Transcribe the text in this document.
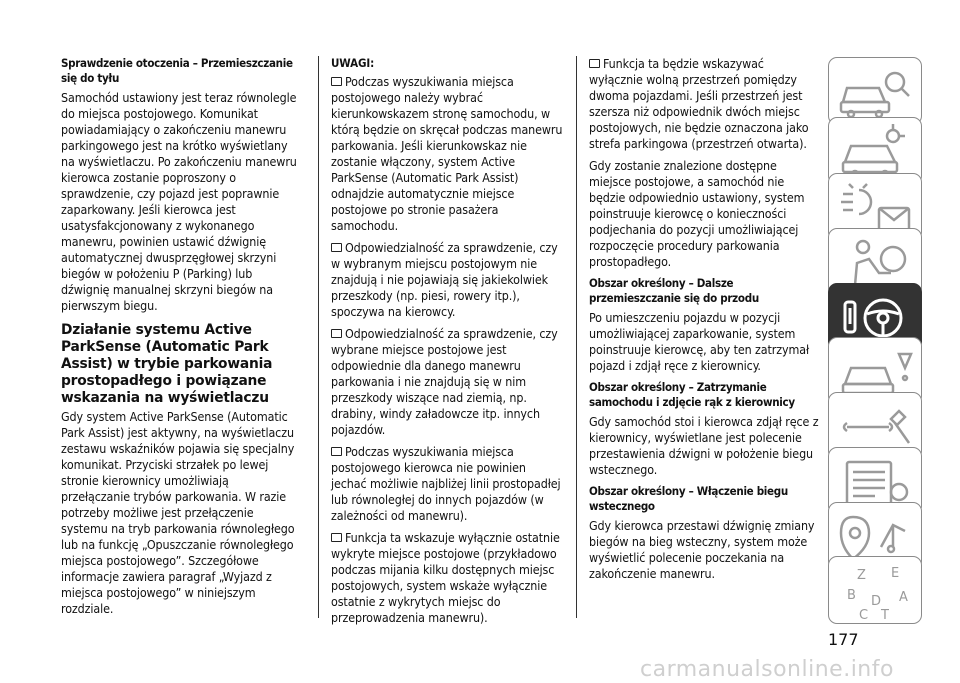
Sprawdzenie otoczenia – Przemieszczanie się do tyłu

Samochód ustawiony jest teraz równolegle do miejsca postojowego. Komunikat powiadamiający o zakończeniu manewru parkingowego jest na krótko wyświetlany na wyświetlaczu. Po zakończeniu manewru kierowca zostanie poproszony o sprawdzenie, czy pojazd jest poprawnie zaparkowany. Jeśli kierowca jest usatysfakcjonowany z wykonanego manewru, powinien ustawić dźwignię automatycznej dwusprzęgłowej skrzyni biegów w położeniu P (Parking) lub dźwignię manualnej skrzyni biegów na pierwszym biegu.

Działanie systemu Active ParkSense (Automatic Park Assist) w trybie parkowania prostopadłego i powiązane wskazania na wyświetlaczu

Gdy system Active ParkSense (Automatic Park Assist) jest aktywny, na wyświetlaczu zestawu wskaźników pojawia się specjalny komunikat. Przyciski strzałek po lewej stronie kierownicy umożliwiają przełączanie trybów parkowania. W razie potrzeby możliwe jest przełączenie systemu na tryb parkowania równoległego lub na funkcję „Opuszczanie równoległego miejsca postojowego”. Szczegółowe informacje zawiera paragraf „Wyjazd z miejsca postojowego” w niniejszym rozdziale.

UWAGI:

Podczas wyszukiwania miejsca postojowego należy wybrać kierunkowskazem stronę samochodu, w którą będzie on skręcał podczas manewru parkowania. Jeśli kierunkowskaz nie zostanie włączony, system Active ParkSense (Automatic Park Assist) odnajdzie automatycznie miejsce postojowe po stronie pasażera samochodu.

Odpowiedzialność za sprawdzenie, czy w wybranym miejscu postojowym nie znajdują i nie pojawiają się jakiekolwiek przeszkody (np. piesi, rowery itp.), spoczywa na kierowcy.

Odpowiedzialność za sprawdzenie, czy wybrane miejsce postojowe jest odpowiednie dla danego manewru parkowania i nie znajdują się w nim przeszkody wiszące nad ziemią, np. drabiny, windy załadowcze itp. innych pojazdów.

Podczas wyszukiwania miejsca postojowego kierowca nie powinien jechać możliwie najbliżej linii prostopadłej lub równoległej do innych pojazdów (w zależności od manewru).

Funkcja ta wskazuje wyłącznie ostatnie wykryte miejsce postojowe (przykładowo podczas mijania kilku dostępnych miejsc postojowych, system wskaże wyłącznie ostatnie z wykrytych miejsc do przeprowadzenia manewru).

Funkcja ta będzie wskazywać wyłącznie wolną przestrzeń pomiędzy dwoma pojazdami. Jeśli przestrzeń jest szersza niż odpowiednik dwóch miejsc postojowych, nie będzie oznaczona jako strefa parkingowa (przestrzeń otwarta).

Gdy zostanie znalezione dostępne miejsce postojowe, a samochód nie będzie odpowiednio ustawiony, system poinstruuje kierowcę o konieczności podjechania do pozycji umożliwiającej rozpoczęcie procedury parkowania prostopadłego.

Obszar określony – Dalsze przemieszczanie się do przodu

Po umieszczeniu pojazdu w pozycji umożliwiającej zaparkowanie, system poinstruuje kierowcę, aby ten zatrzymał pojazd i zdjął ręce z kierownicy.

Obszar określony – Zatrzymanie samochodu i zdjęcie rąk z kierownicy

Gdy samochód stoi i kierowca zdjął ręce z kierownicy, wyświetlane jest polecenie przestawienia dźwigni w położenie biegu wstecznego.

Obszar określony – Włączenie biegu wstecznego

Gdy kierowca przestawi dźwignię zmiany biegów na bieg wsteczny, system może wyświetlić polecenie poczekania na zakończenie manewru.	Z E
B D
C T
A
177
carmanualsonline.info
